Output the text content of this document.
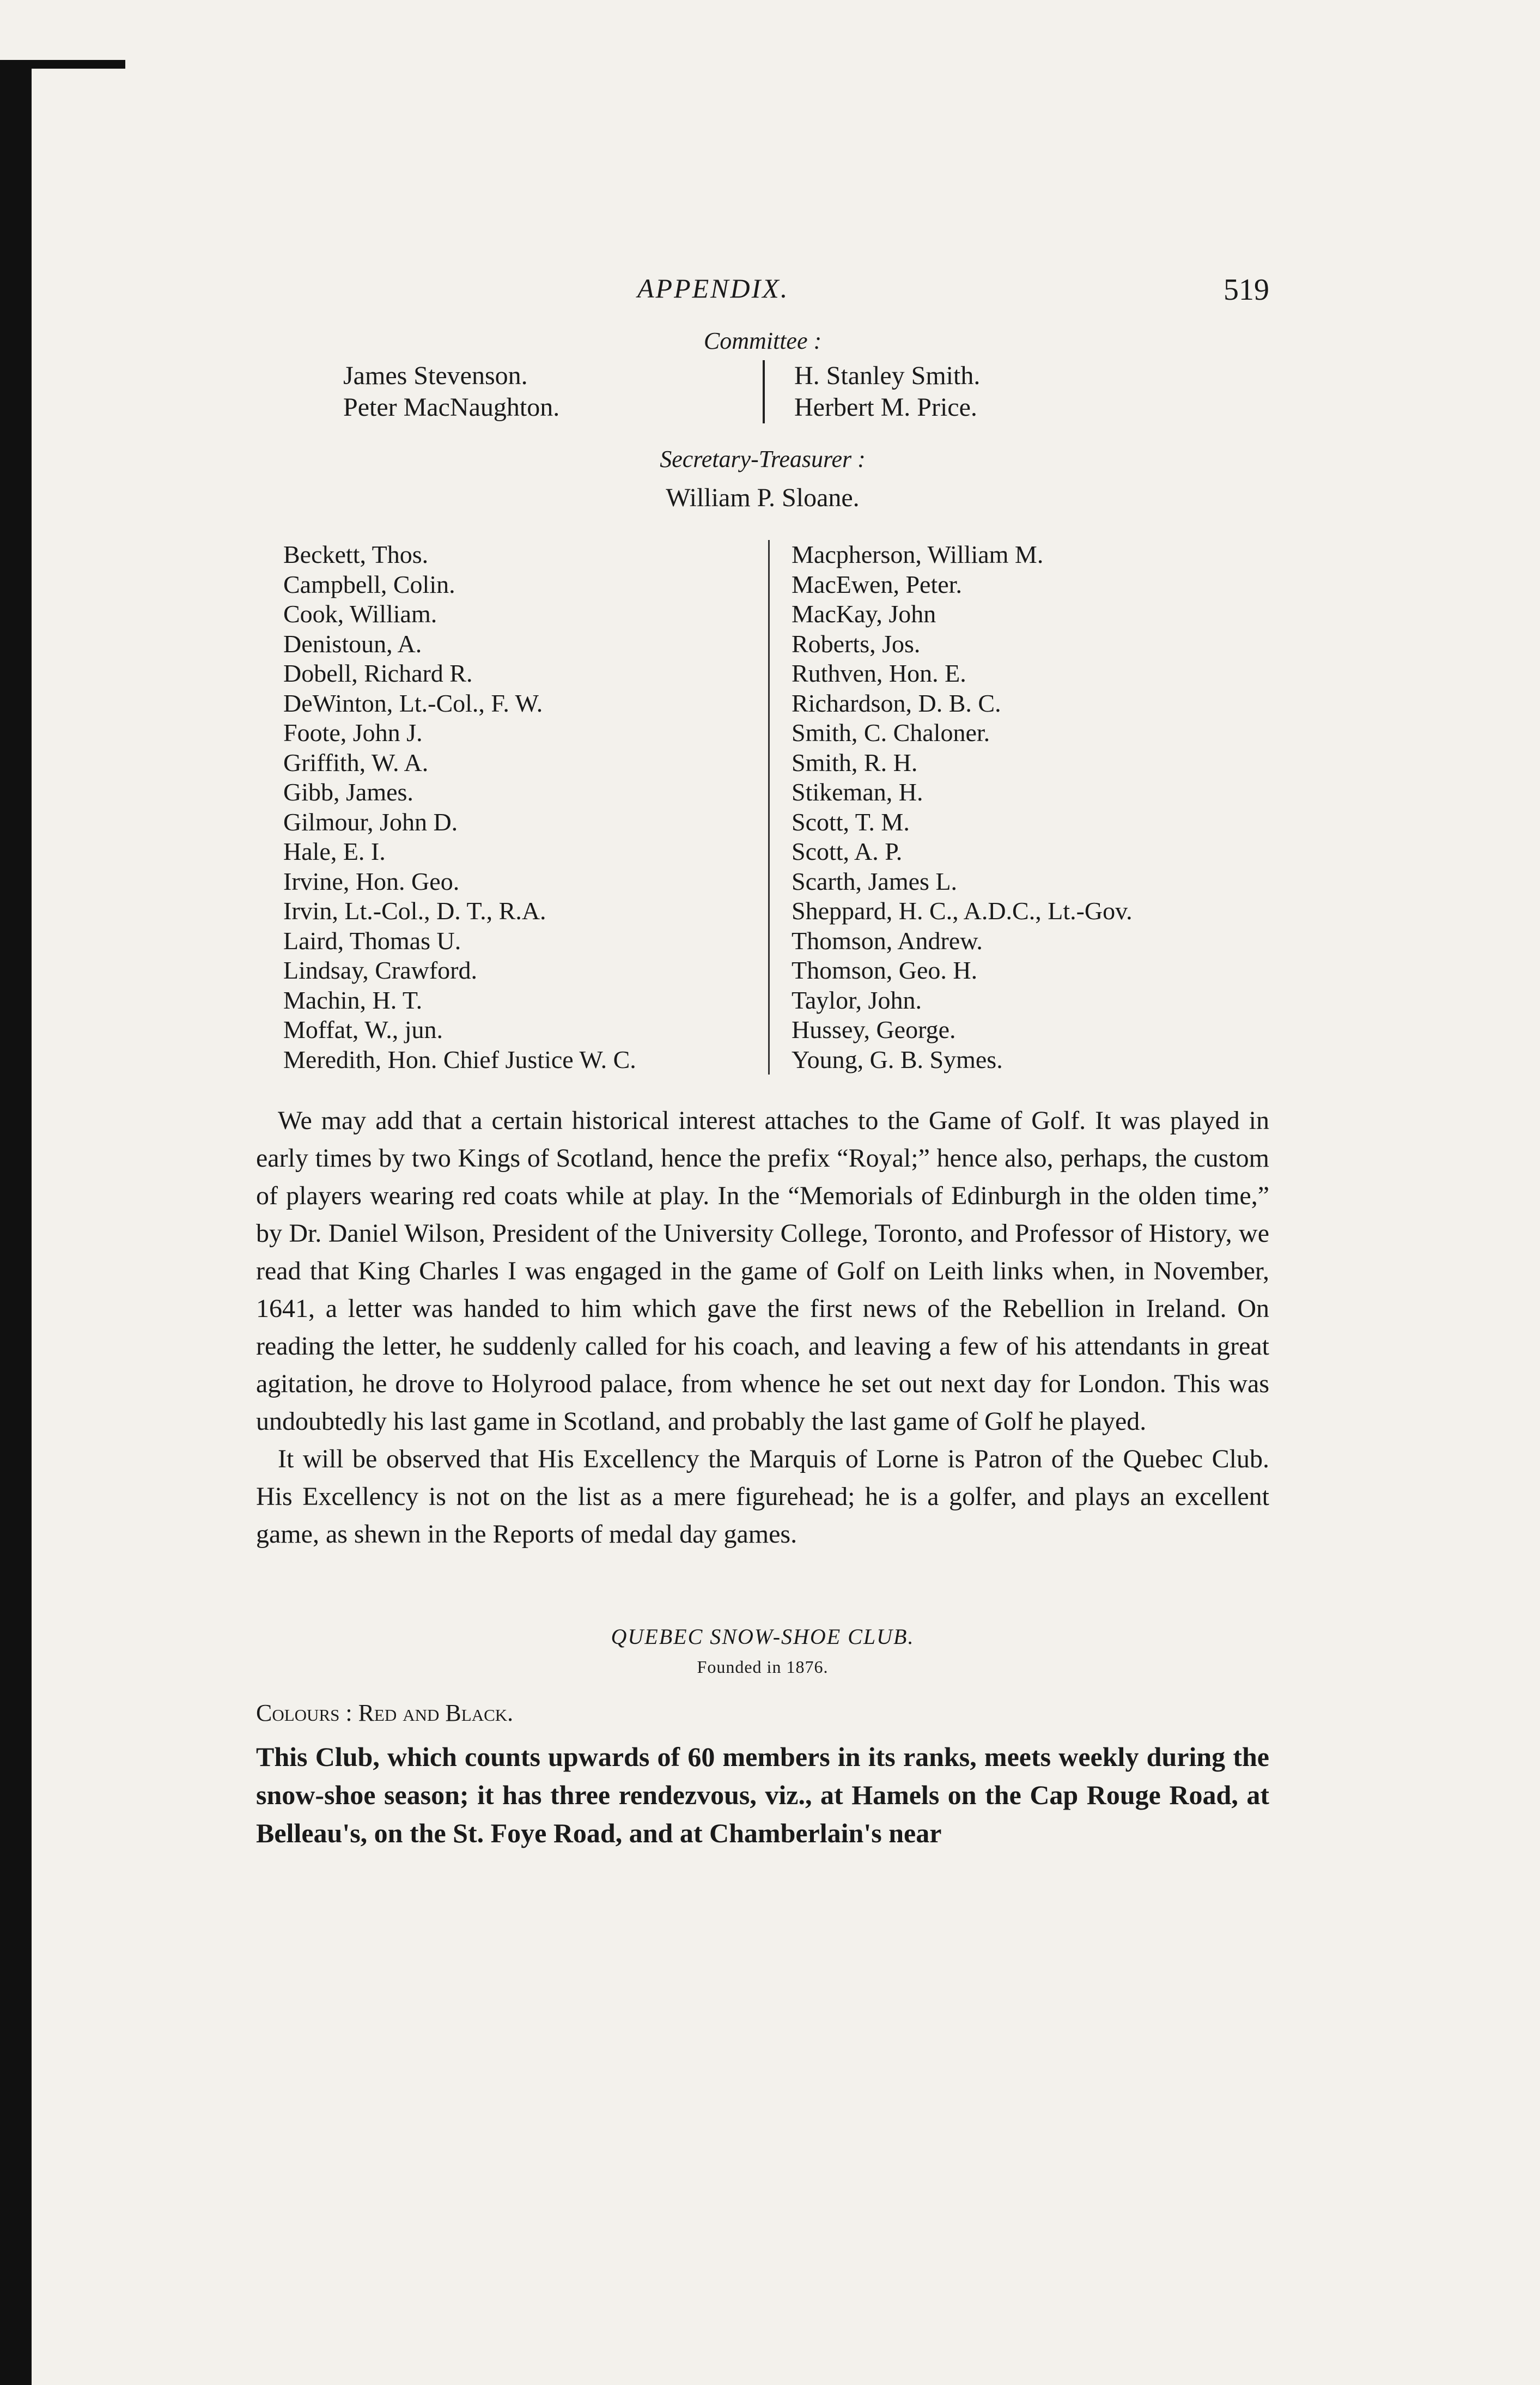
APPENDIX.	519
Committee :
James Stevenson.
Peter MacNaughton.
H. Stanley Smith.
Herbert M. Price.
Secretary-Treasurer :
William P. Sloane.
Beckett, Thos.
Campbell, Colin.
Cook, William.
Denistoun, A.
Dobell, Richard R.
DeWinton, Lt.-Col., F. W.
Foote, John J.
Griffith, W. A.
Gibb, James.
Gilmour, John D.
Hale, E. I.
Irvine, Hon. Geo.
Irvin, Lt.-Col., D. T., R.A.
Laird, Thomas U.
Lindsay, Crawford.
Machin, H. T.
Moffat, W., jun.
Meredith, Hon. Chief Justice W. C.
Macpherson, William M.
MacEwen, Peter.
MacKay, John
Roberts, Jos.
Ruthven, Hon. E.
Richardson, D. B. C.
Smith, C. Chaloner.
Smith, R. H.
Stikeman, H.
Scott, T. M.
Scott, A. P.
Scarth, James L.
Sheppard, H. C., A.D.C., Lt.-Gov.
Thomson, Andrew.
Thomson, Geo. H.
Taylor, John.
Hussey, George.
Young, G. B. Symes.

We may add that a certain historical interest attaches to the Game of Golf. It was played in early times by two Kings of Scotland, hence the prefix “Royal;” hence also, perhaps, the custom of players wearing red coats while at play. In the “Memorials of Edinburgh in the olden time,” by Dr. Daniel Wilson, President of the University College, Toronto, and Professor of History, we read that King Charles I was engaged in the game of Golf on Leith links when, in November, 1641, a letter was handed to him which gave the first news of the Rebellion in Ireland. On reading the letter, he suddenly called for his coach, and leaving a few of his attendants in great agitation, he drove to Holyrood palace, from whence he set out next day for London. This was undoubtedly his last game in Scotland, and probably the last game of Golf he played.

It will be observed that His Excellency the Marquis of Lorne is Patron of the Quebec Club. His Excellency is not on the list as a mere figurehead; he is a golfer, and plays an excellent game, as shewn in the Reports of medal day games.

QUEBEC SNOW-SHOE CLUB.
Founded in 1876.
Colours : Red and Black.

This Club, which counts upwards of 60 members in its ranks, meets weekly during the snow-shoe season; it has three rendezvous, viz., at Hamels on the Cap Rouge Road, at Belleau's, on the St. Foye Road, and at Chamberlain's near
